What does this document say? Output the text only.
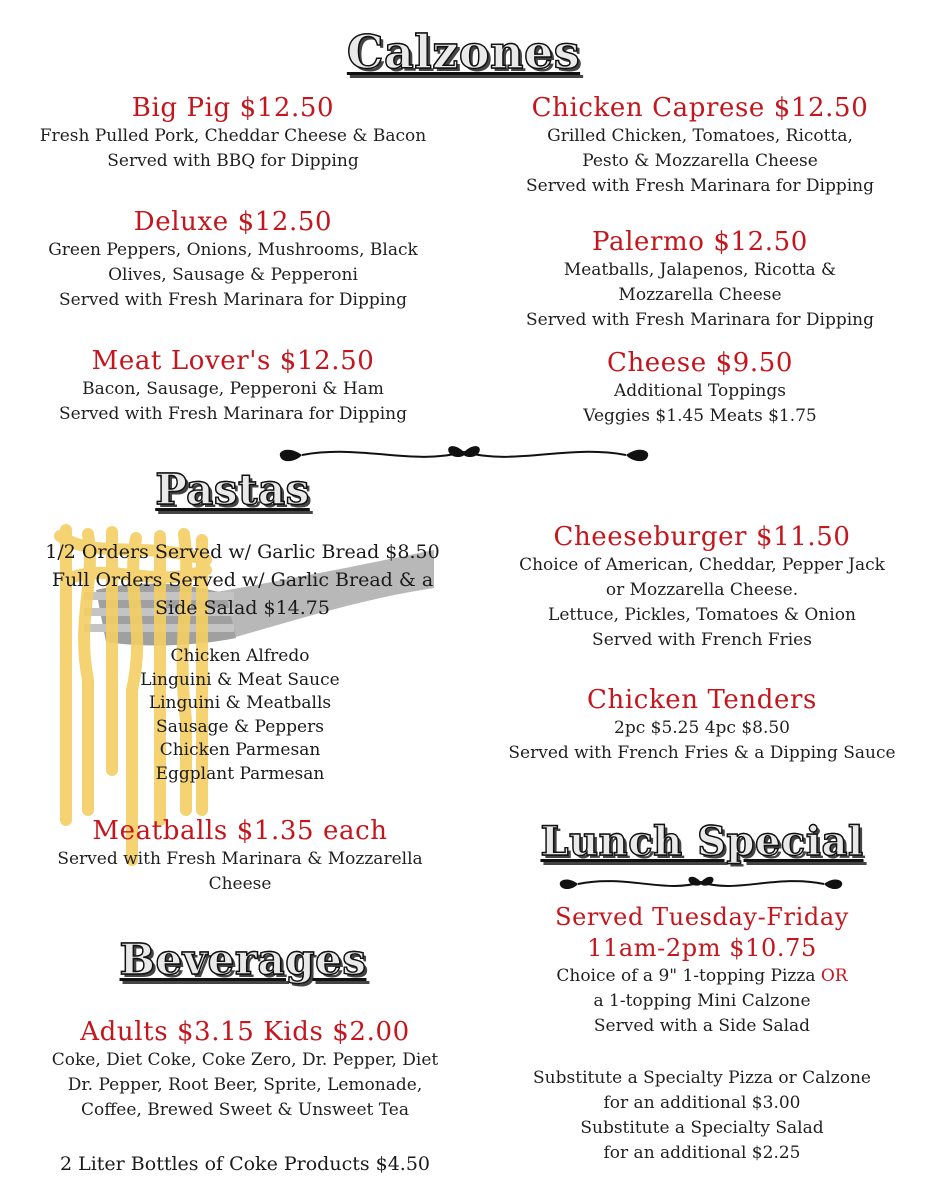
Calzones
Big Pig $12.50
Fresh Pulled Pork, Cheddar Cheese & Bacon
Served with BBQ for Dipping
Deluxe $12.50
Green Peppers, Onions, Mushrooms, Black
Olives, Sausage & Pepperoni
Served with Fresh Marinara for Dipping
Meat Lover's $12.50
Bacon, Sausage, Pepperoni & Ham
Served with Fresh Marinara for Dipping
Chicken Caprese $12.50
Grilled Chicken, Tomatoes, Ricotta,
Pesto & Mozzarella Cheese
Served with Fresh Marinara for Dipping
Palermo $12.50
Meatballs, Jalapenos, Ricotta &
Mozzarella Cheese
Served with Fresh Marinara for Dipping
Cheese $9.50
Additional Toppings
Veggies $1.45 Meats $1.75
Pastas
1/2 Orders Served w/ Garlic Bread $8.50
Full Orders Served w/ Garlic Bread & a
Side Salad $14.75
Chicken Alfredo
Linguini & Meat Sauce
Linguini & Meatballs
Sausage & Peppers
Chicken Parmesan
Eggplant Parmesan
Meatballs $1.35 each
Served with Fresh Marinara & Mozzarella
Cheese
Cheeseburger $11.50
Choice of American, Cheddar, Pepper Jack
or Mozzarella Cheese.
Lettuce, Pickles, Tomatoes & Onion
Served with French Fries
Chicken Tenders
2pc $5.25 4pc $8.50
Served with French Fries & a Dipping Sauce
Beverages
Adults $3.15 Kids $2.00
Coke, Diet Coke, Coke Zero, Dr. Pepper, Diet
Dr. Pepper, Root Beer, Sprite, Lemonade,
Coffee, Brewed Sweet & Unsweet Tea
2 Liter Bottles of Coke Products $4.50
Lunch Special
Served Tuesday-Friday
11am-2pm $10.75
Choice of a 9" 1-topping Pizza OR
a 1-topping Mini Calzone
Served with a Side Salad
Substitute a Specialty Pizza or Calzone
for an additional $3.00
Substitute a Specialty Salad
for an additional $2.25
